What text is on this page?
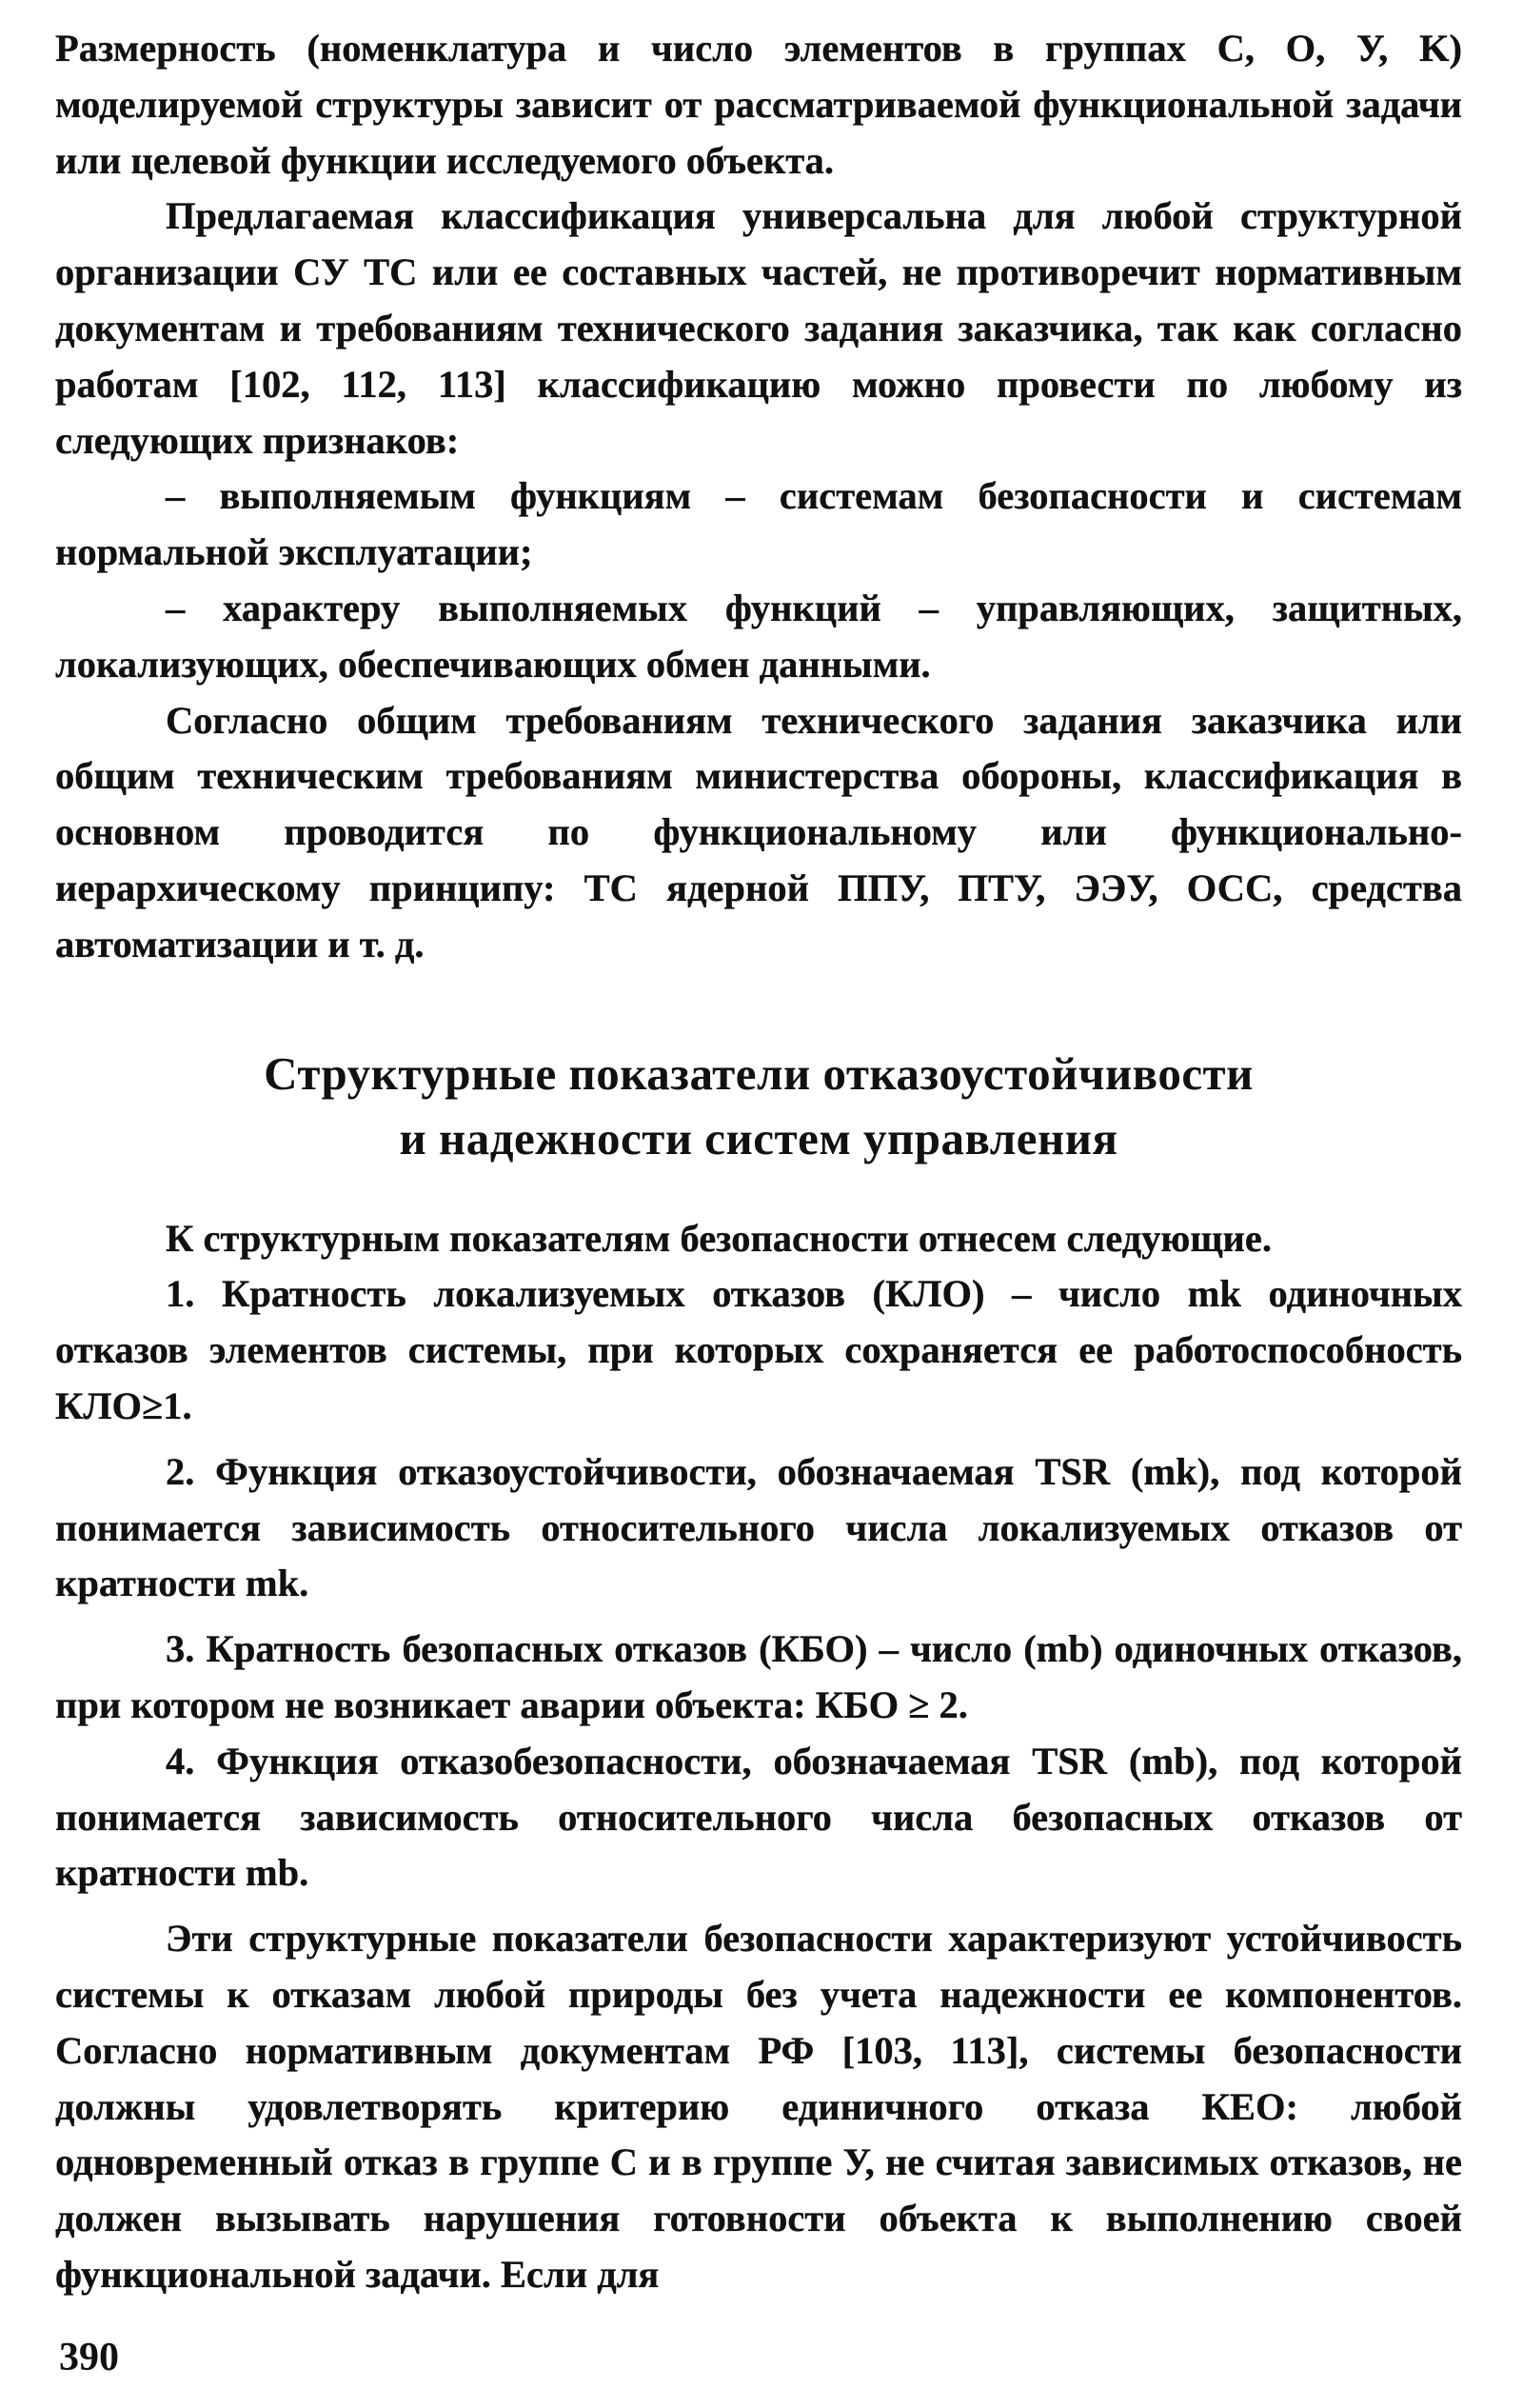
Размерность (номенклатура и число элементов в группах C, O, У, K) моделируемой структуры зависит от рассматриваемой функциональной задачи или целевой функции исследуемого объекта.

Предлагаемая классификация универсальна для любой структурной организации СУ ТС или ее составных частей, не противоречит нормативным документам и требованиям технического задания заказчика, так как согласно работам [102, 112, 113] классификацию можно провести по любому из следующих признаков:

– выполняемым функциям – системам безопасности и системам нормальной эксплуатации;

– характеру выполняемых функций – управляющих, защитных, локализующих, обеспечивающих обмен данными.

Согласно общим требованиям технического задания заказчика или общим техническим требованиям министерства обороны, классификация в основном проводится по функциональному или функционально-иерархическому принципу: ТС ядерной ППУ, ПТУ, ЭЭУ, ОСС, средства автоматизации и т. д.

Структурные показатели отказоустойчивости
и надежности систем управления

К структурным показателям безопасности отнесем следующие.

1. Кратность локализуемых отказов (КЛО) – число mk одиночных отказов элементов системы, при которых сохраняется ее работоспособность КЛО≥1.

2. Функция отказоустойчивости, обозначаемая TSR (mk), под которой понимается зависимость относительного числа локализуемых отказов от кратности mk.

3. Кратность безопасных отказов (КБО) – число (mb) одиночных отказов, при котором не возникает аварии объекта: КБО ≥ 2.

4. Функция отказобезопасности, обозначаемая TSR (mb), под которой понимается зависимость относительного числа безопасных отказов от кратности mb.

Эти структурные показатели безопасности характеризуют устойчивость системы к отказам любой природы без учета надежности ее компонентов. Согласно нормативным документам РФ [103, 113], системы безопасности должны удовлетворять критерию единичного отказа КЕО: любой одновременный отказ в группе С и в группе У, не считая зависимых отказов, не должен вызывать нарушения готовности объекта к выполнению своей функциональной задачи. Если для

390
